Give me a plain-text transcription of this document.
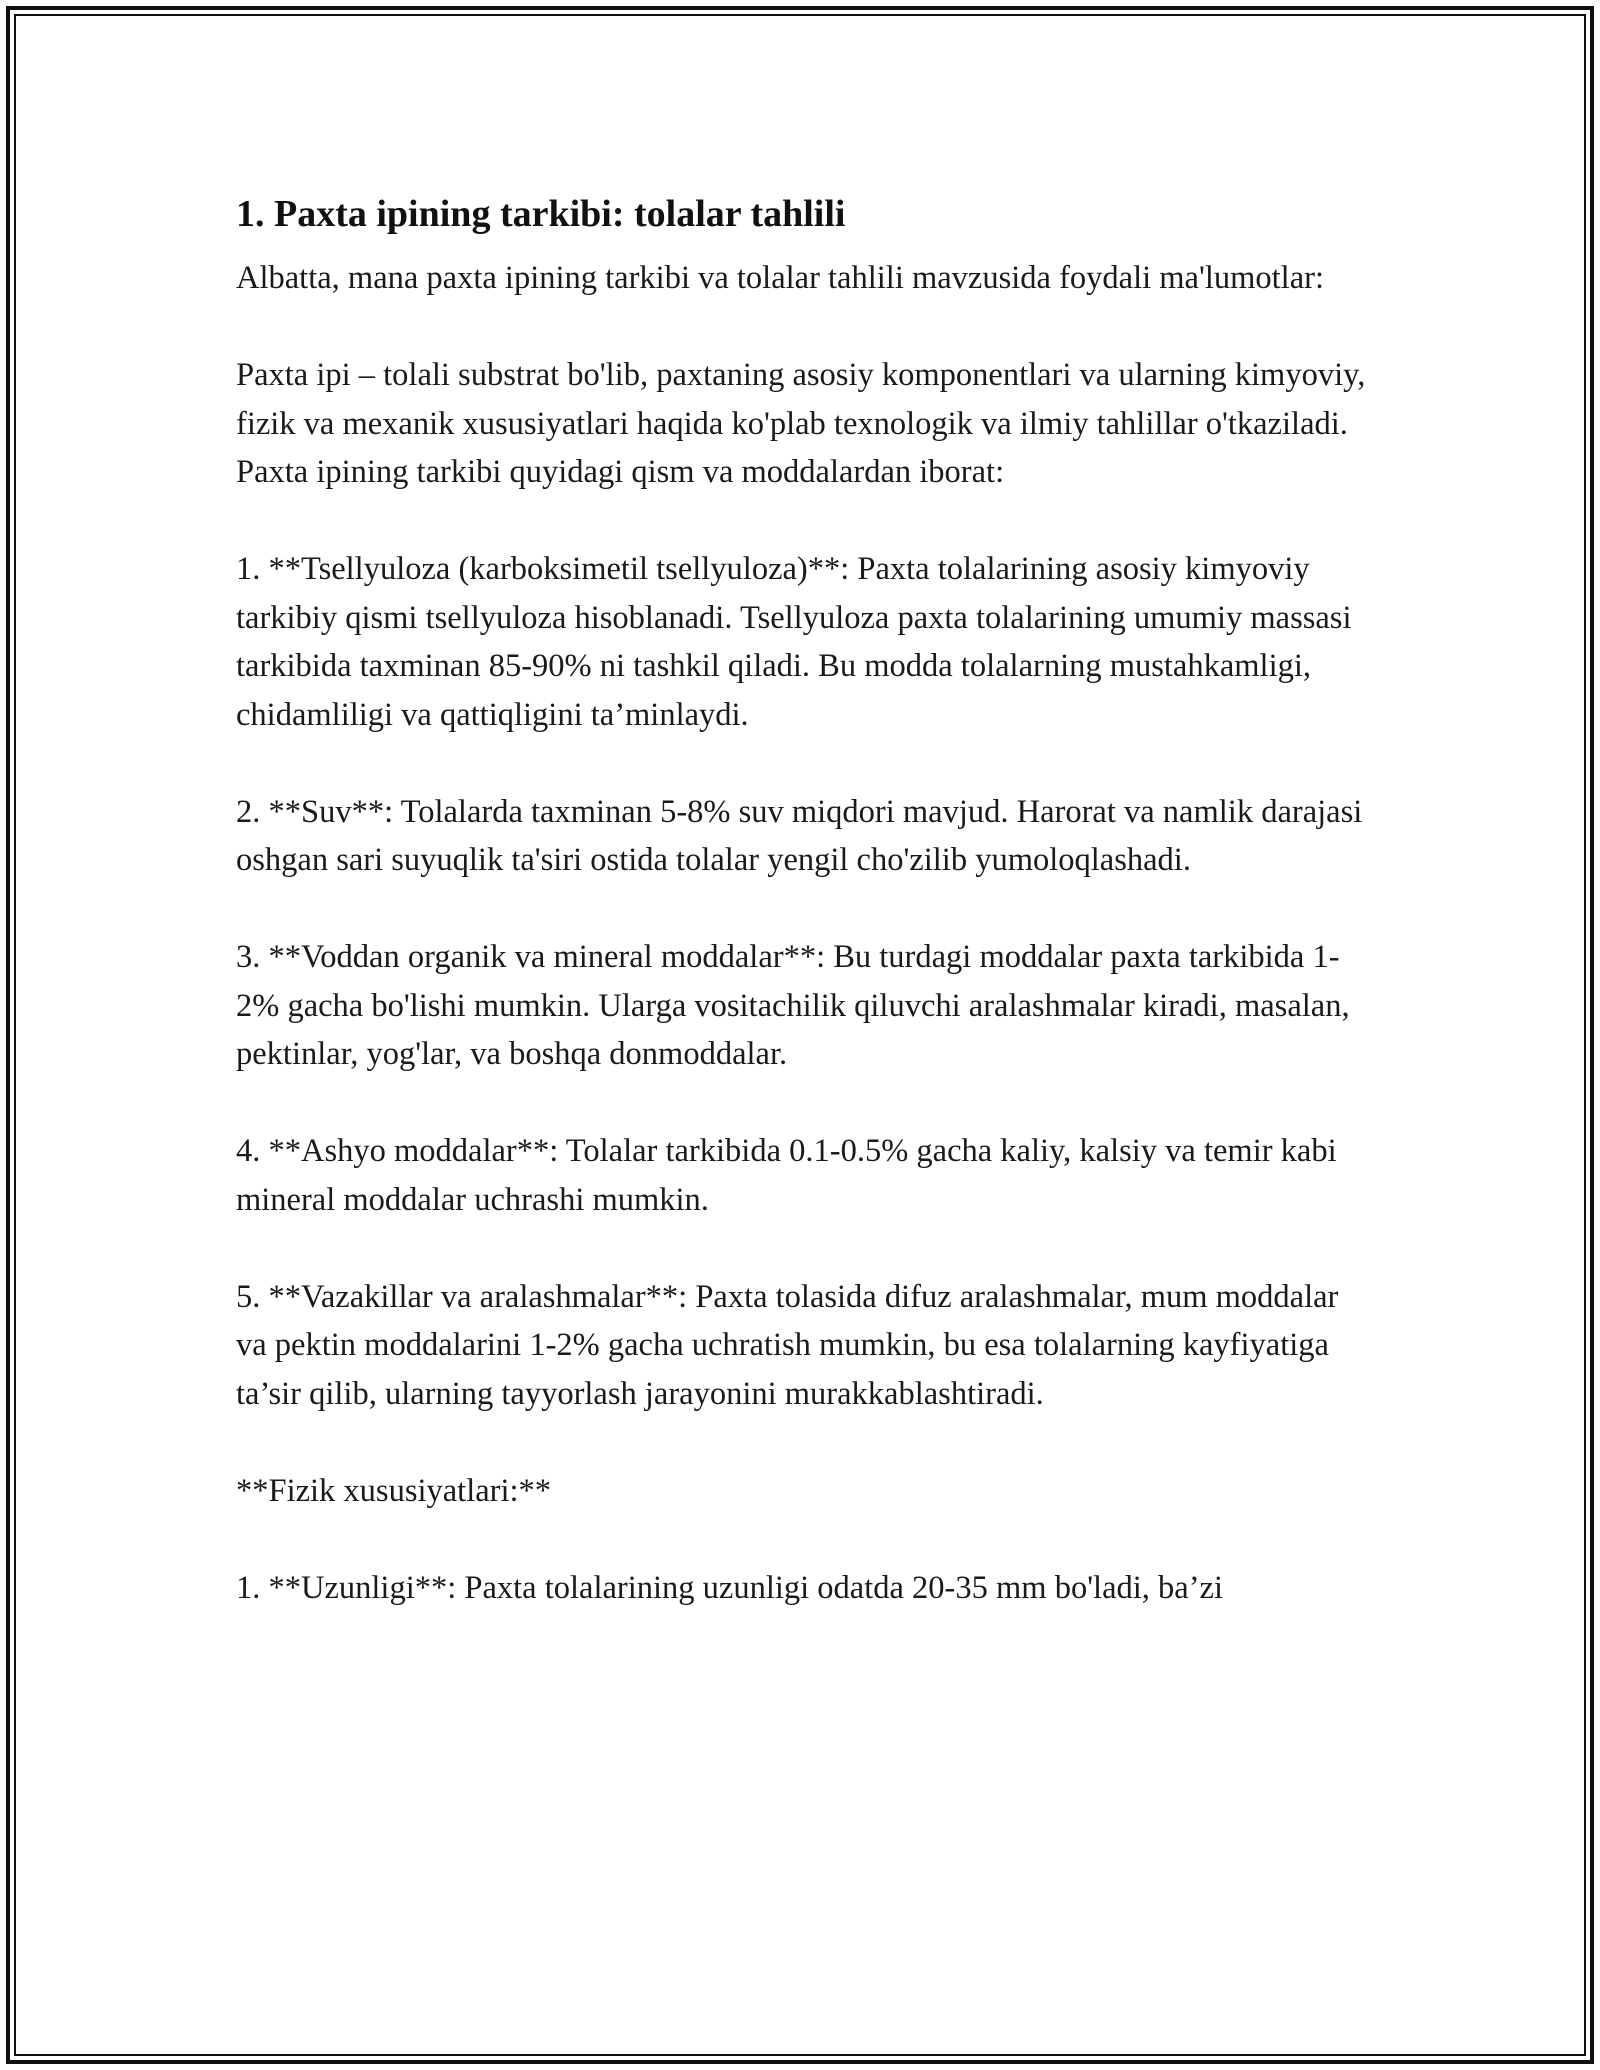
1. Paxta ipining tarkibi: tolalar tahlili

Albatta, mana paxta ipining tarkibi va tolalar tahlili mavzusida foydali ma'lumotlar:

Paxta ipi – tolali substrat bo'lib, paxtaning asosiy komponentlari va ularning kimyoviy, fizik va mexanik xususiyatlari haqida ko'plab texnologik va ilmiy tahlillar o'tkaziladi. Paxta ipining tarkibi quyidagi qism va moddalardan iborat:

1. **Tsellyuloza (karboksimetil tsellyuloza)**: Paxta tolalarining asosiy kimyoviy tarkibiy qismi tsellyuloza hisoblanadi. Tsellyuloza paxta tolalarining umumiy massasi tarkibida taxminan 85-90% ni tashkil qiladi. Bu modda tolalarning mustahkamligi, chidamliligi va qattiqligini ta’minlaydi.

2. **Suv**: Tolalarda taxminan 5-8% suv miqdori mavjud. Harorat va namlik darajasi oshgan sari suyuqlik ta'siri ostida tolalar yengil cho'zilib yumoloqlashadi.

3. **Voddan organik va mineral moddalar**: Bu turdagi moddalar paxta tarkibida 1-2% gacha bo'lishi mumkin. Ularga vositachilik qiluvchi aralashmalar kiradi, masalan, pektinlar, yog'lar, va boshqa donmoddalar.

4. **Ashyo moddalar**: Tolalar tarkibida 0.1-0.5% gacha kaliy, kalsiy va temir kabi mineral moddalar uchrashi mumkin.

5. **Vazakillar va aralashmalar**: Paxta tolasida difuz aralashmalar, mum moddalar va pektin moddalarini 1-2% gacha uchratish mumkin, bu esa tolalarning kayfiyatiga ta’sir qilib, ularning tayyorlash jarayonini murakkablashtiradi.

**Fizik xususiyatlari:**

1. **Uzunligi**: Paxta tolalarining uzunligi odatda 20-35 mm bo'ladi, ba’zi
